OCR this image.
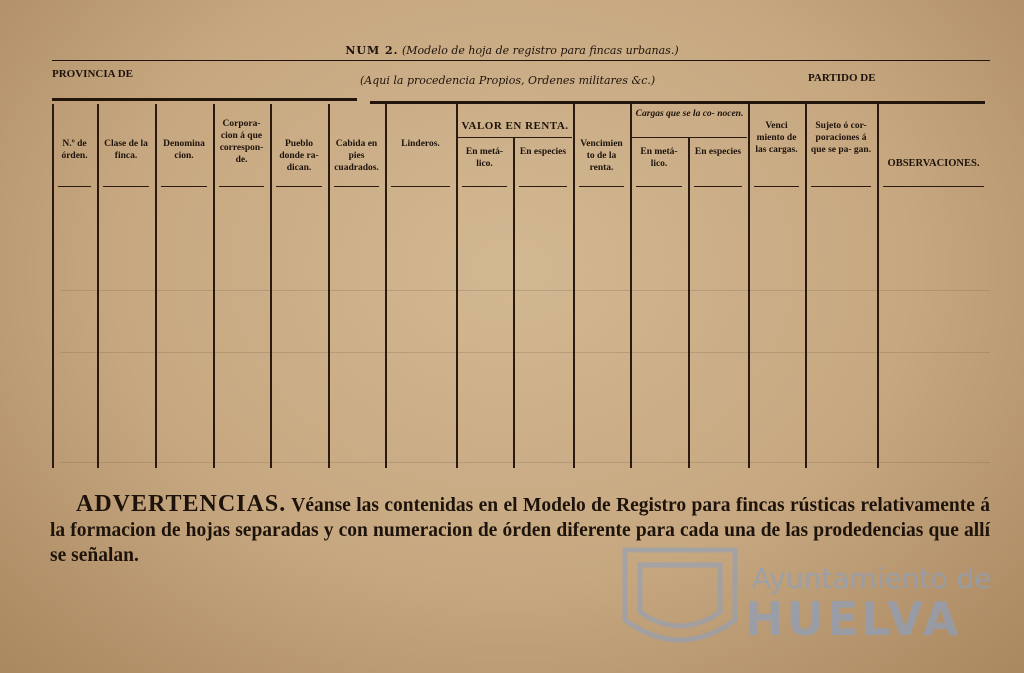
NUM 2. (Modelo de hoja de registro para fincas urbanas.)
PROVINCIA DE	(Aqui la procedencia Propios, Ordenes militares &c.)	PARTIDO DE
VALOR EN RENTA.
Cargas que se la co- nocen.
N.º de órden.
Clase de la finca.
Denomina cion.
Corpora- cion á que correspon- de.
Pueblo donde ra- dican.
Cabida en pies cuadrados.
Linderos.
En metá- lico.
En especies
Vencimien to de la renta.
En metá- lico.
En especies
Venci miento de las cargas.
Sujeto ó cor- poraciones á que se pa- gan.
OBSERVACIONES.
ADVERTENCIAS. Véanse las contenidas en el Modelo de Registro para fincas rústicas relativamente á la formacion de hojas separadas y con numeracion de órden diferente para cada una de las prodedencias que allí se señalan.
Ayuntamiento de
HUELVA
